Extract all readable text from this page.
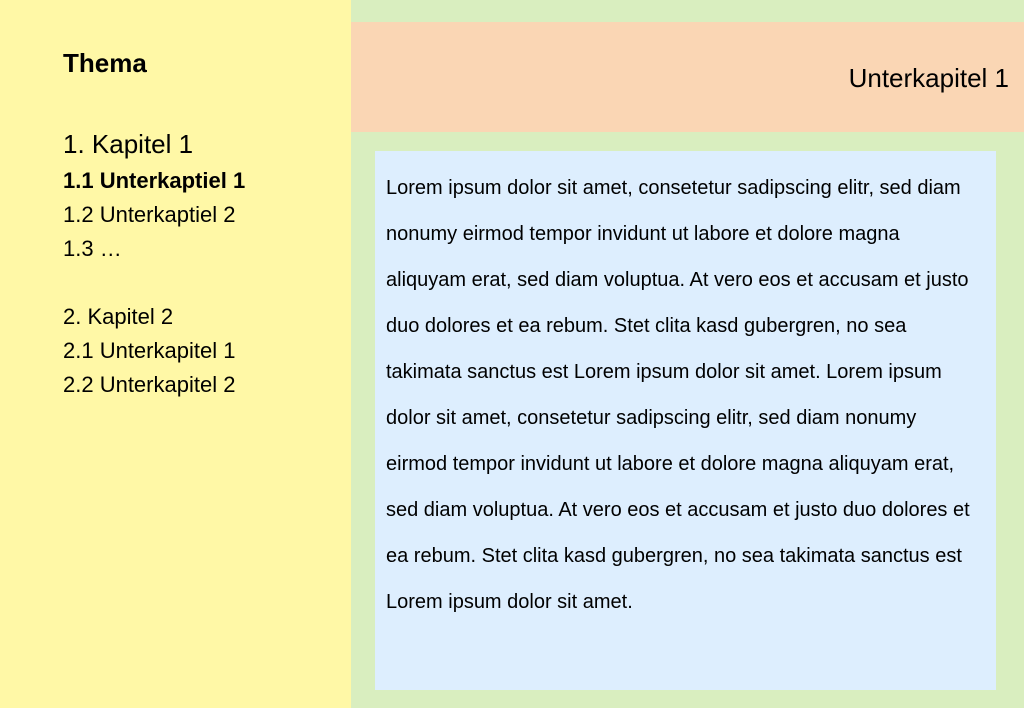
Thema
1. Kapitel 1
1.1 Unterkaptiel 1
1.2 Unterkaptiel 2
1.3 …
2. Kapitel 2
2.1 Unterkapitel 1
2.2 Unterkapitel 2
Unterkapitel 1

Lorem ipsum dolor sit amet, consetetur sadipscing elitr, sed diam nonumy eirmod tempor invidunt ut labore et dolore magna aliquyam erat, sed diam voluptua. At vero eos et accusam et justo duo dolores et ea rebum. Stet clita kasd gubergren, no sea takimata sanctus est Lorem ipsum dolor sit amet. Lorem ipsum dolor sit amet, consetetur sadipscing elitr, sed diam nonumy eirmod tempor invidunt ut labore et dolore magna aliquyam erat, sed diam voluptua. At vero eos et accusam et justo duo dolores et ea rebum. Stet clita kasd gubergren, no sea takimata sanctus est Lorem ipsum dolor sit amet.
